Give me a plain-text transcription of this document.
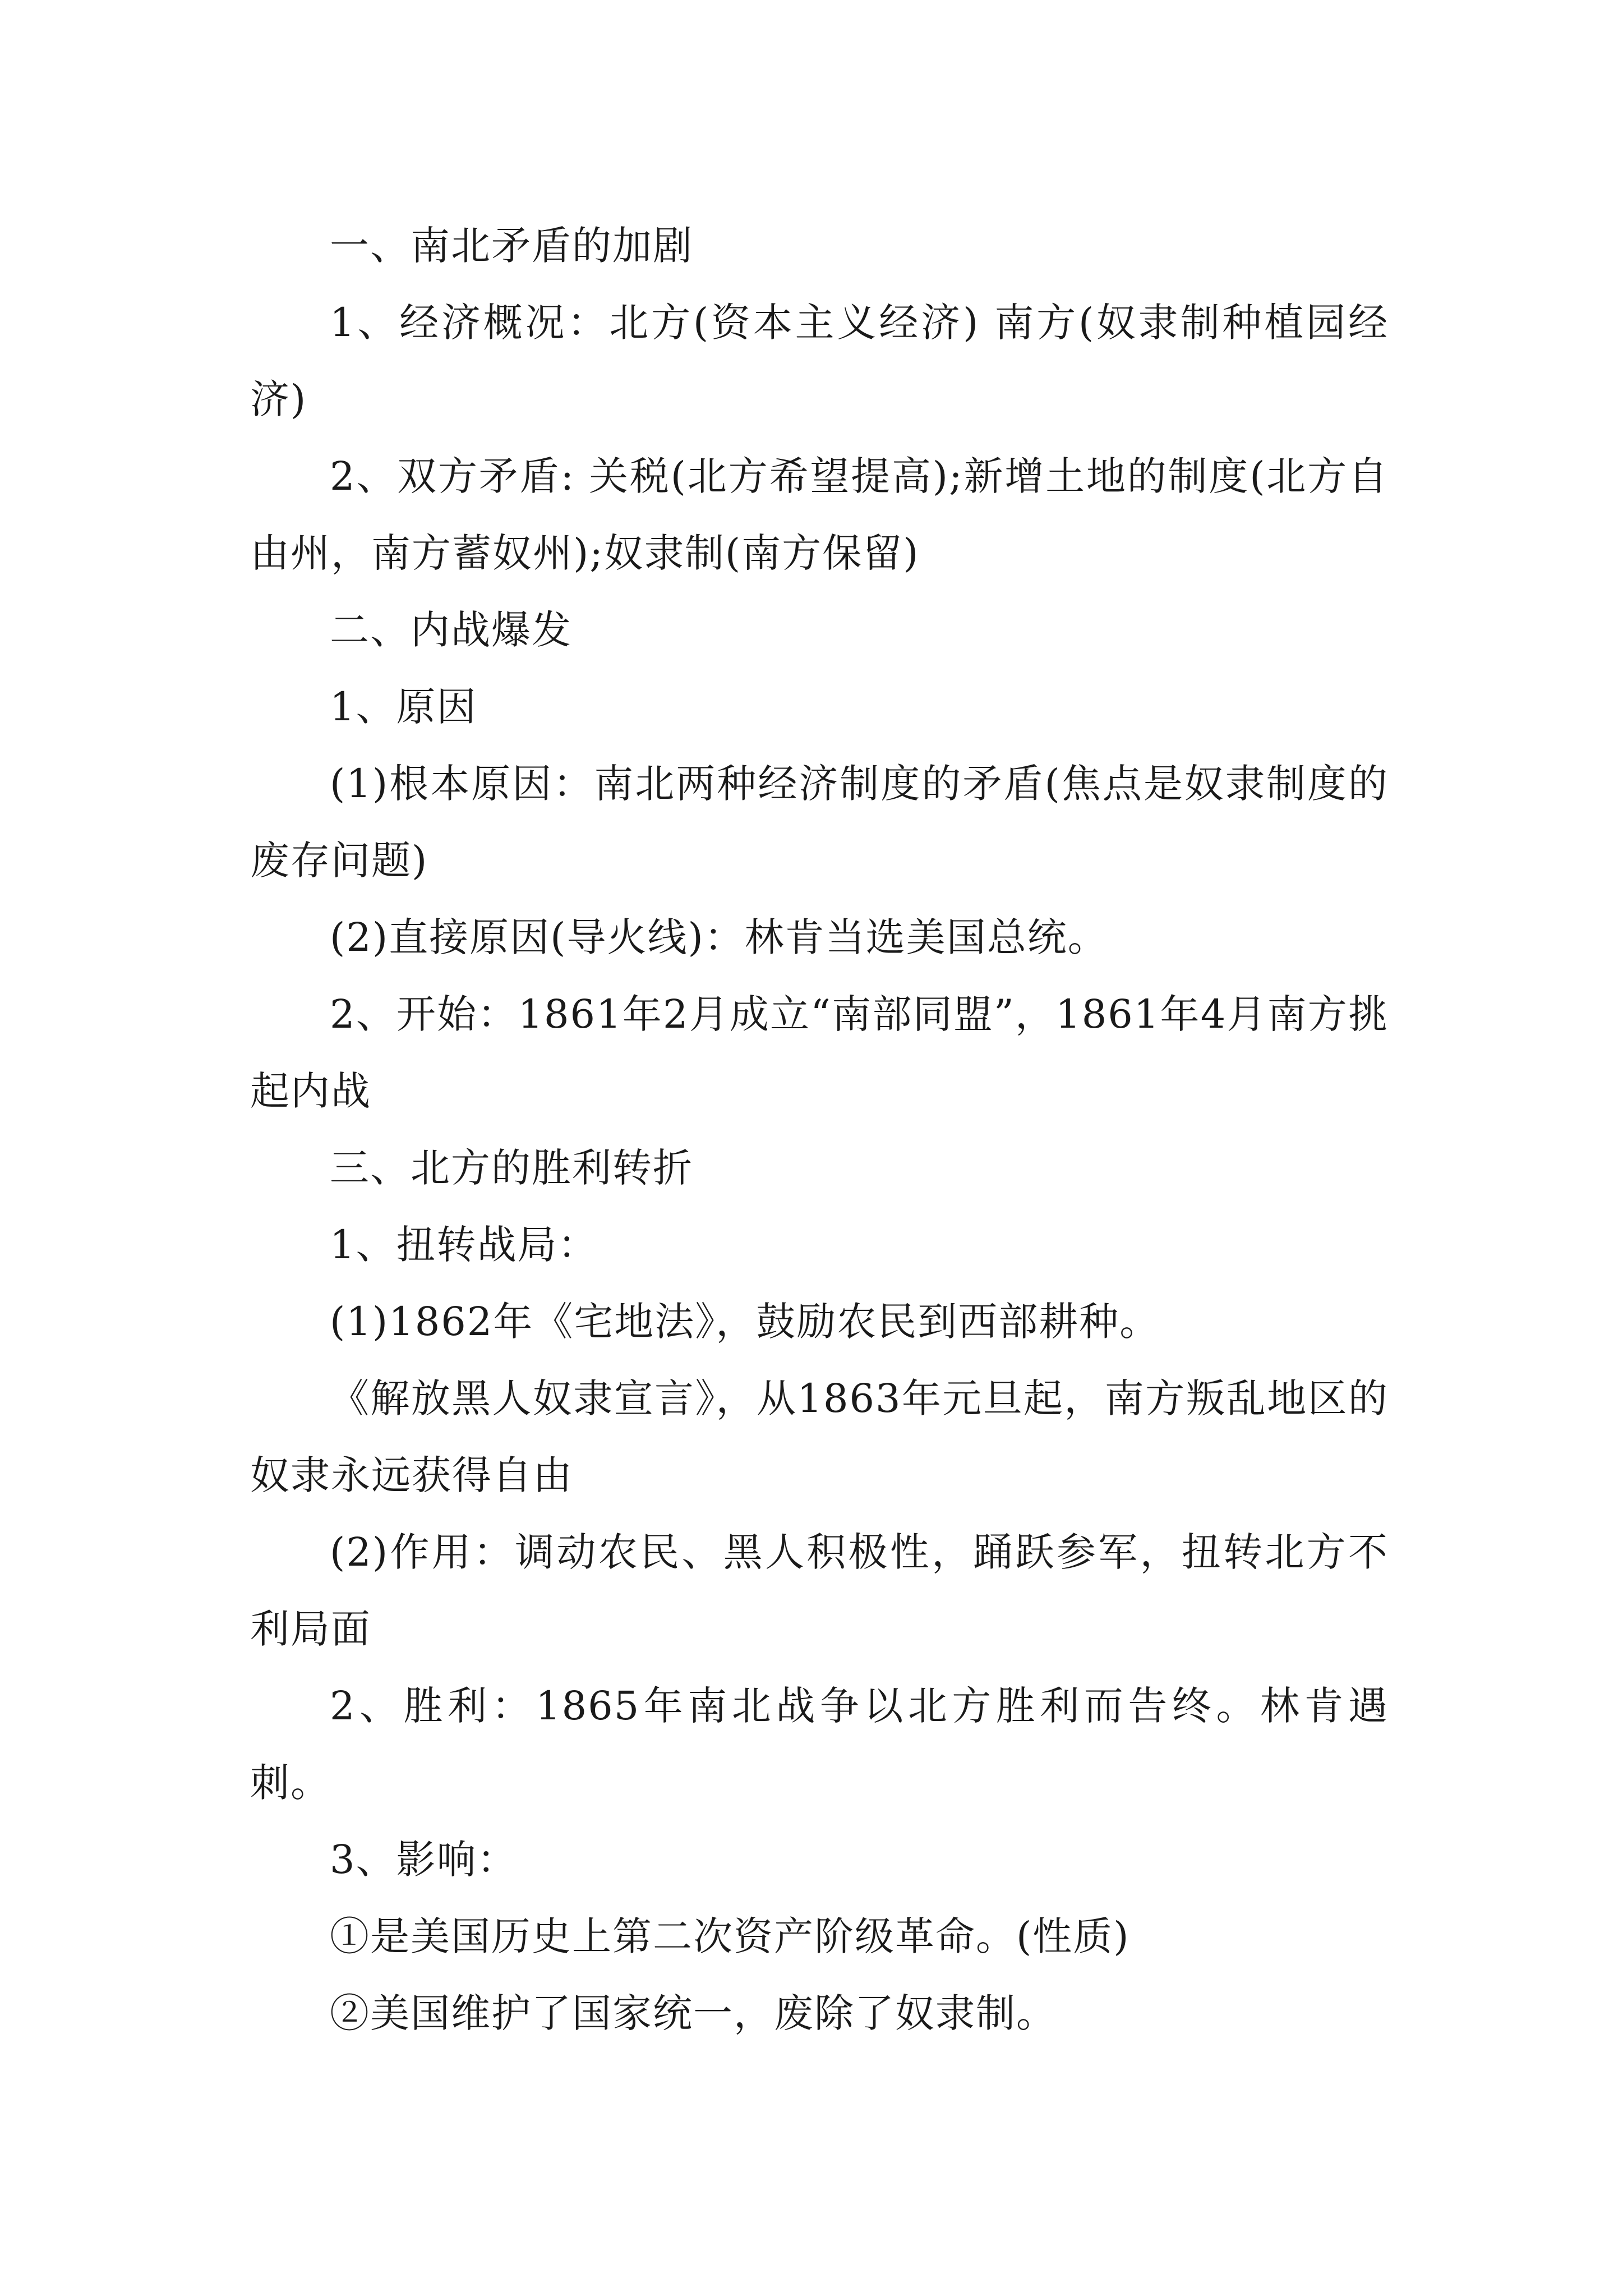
一、南北矛盾的加剧

1、经济概况：北方(资本主义经济) 南方(奴隶制种植园经济)

2、双方矛盾: 关税(北方希望提高);新增土地的制度(北方自由州，南方蓄奴州);奴隶制(南方保留)

二、内战爆发

1、原因

(1)根本原因：南北两种经济制度的矛盾(焦点是奴隶制度的废存问题)

(2)直接原因(导火线)：林肯当选美国总统。

2、开始：1861年2月成立“南部同盟”，1861年4月南方挑起内战

三、北方的胜利转折

1、扭转战局：

(1)1862年《宅地法》，鼓励农民到西部耕种。

《解放黑人奴隶宣言》，从1863年元旦起，南方叛乱地区的奴隶永远获得自由

(2)作用：调动农民、黑人积极性，踊跃参军，扭转北方不利局面

2、胜利：1865年南北战争以北方胜利而告终。林肯遇刺。

3、影响：

①是美国历史上第二次资产阶级革命。(性质)

②美国维护了国家统一，废除了奴隶制。
